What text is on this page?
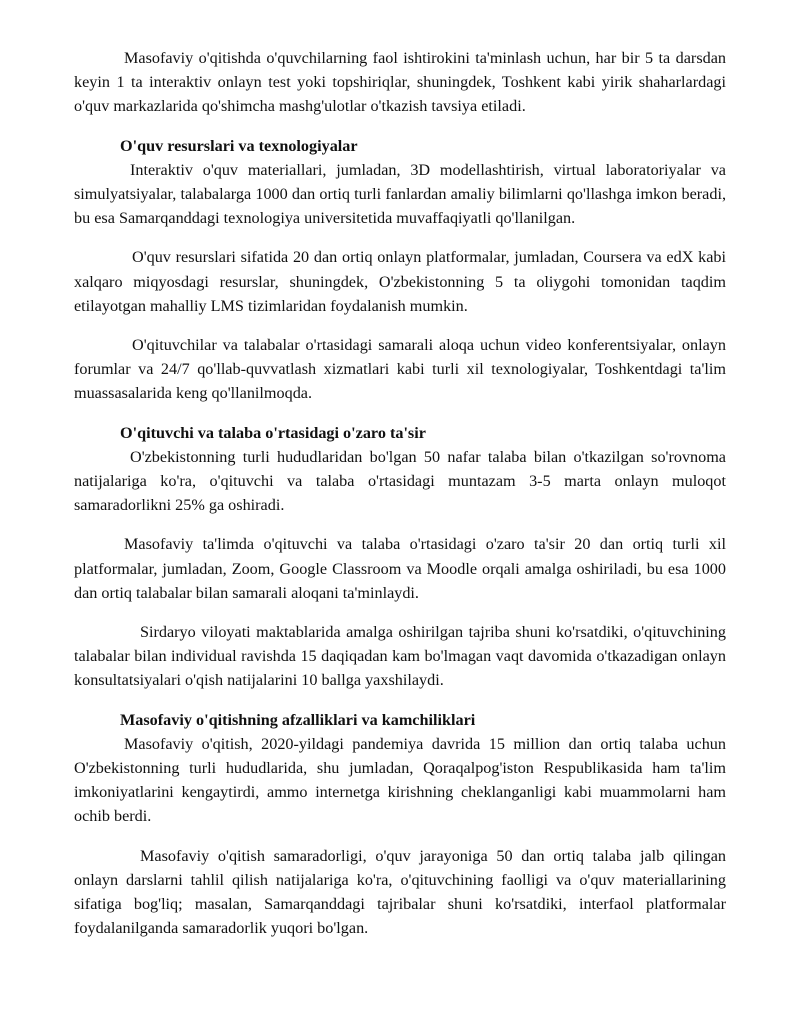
Masofaviy o'qitishda o'quvchilarning faol ishtirokini ta'minlash uchun, har bir 5 ta darsdan keyin 1 ta interaktiv onlayn test yoki topshiriqlar, shuningdek, Toshkent kabi yirik shaharlardagi o'quv markazlarida qo'shimcha mashg'ulotlar o'tkazish tavsiya etiladi.

O'quv resurslari va texnologiyalar

Interaktiv o'quv materiallari, jumladan, 3D modellashtirish, virtual laboratoriyalar va simulyatsiyalar, talabalarga 1000 dan ortiq turli fanlardan amaliy bilimlarni qo'llashga imkon beradi, bu esa Samarqanddagi texnologiya universitetida muvaffaqiyatli qo'llanilgan.

O'quv resurslari sifatida 20 dan ortiq onlayn platformalar, jumladan, Coursera va edX kabi xalqaro miqyosdagi resurslar, shuningdek, O'zbekistonning 5 ta oliygohi tomonidan taqdim etilayotgan mahalliy LMS tizimlaridan foydalanish mumkin.

O'qituvchilar va talabalar o'rtasidagi samarali aloqa uchun video konferentsiyalar, onlayn forumlar va 24/7 qo'llab-quvvatlash xizmatlari kabi turli xil texnologiyalar, Toshkentdagi ta'lim muassasalarida keng qo'llanilmoqda.

O'qituvchi va talaba o'rtasidagi o'zaro ta'sir

O'zbekistonning turli hududlaridan bo'lgan 50 nafar talaba bilan o'tkazilgan so'rovnoma natijalariga ko'ra, o'qituvchi va talaba o'rtasidagi muntazam 3-5 marta onlayn muloqot samaradorlikni 25% ga oshiradi.

Masofaviy ta'limda o'qituvchi va talaba o'rtasidagi o'zaro ta'sir 20 dan ortiq turli xil platformalar, jumladan, Zoom, Google Classroom va Moodle orqali amalga oshiriladi, bu esa 1000 dan ortiq talabalar bilan samarali aloqani ta'minlaydi.

Sirdaryo viloyati maktablarida amalga oshirilgan tajriba shuni ko'rsatdiki, o'qituvchining talabalar bilan individual ravishda 15 daqiqadan kam bo'lmagan vaqt davomida o'tkazadigan onlayn konsultatsiyalari o'qish natijalarini 10 ballga yaxshilaydi.

Masofaviy o'qitishning afzalliklari va kamchiliklari

Masofaviy o'qitish, 2020-yildagi pandemiya davrida 15 million dan ortiq talaba uchun O'zbekistonning turli hududlarida, shu jumladan, Qoraqalpog'iston Respublikasida ham ta'lim imkoniyatlarini kengaytirdi, ammo internetga kirishning cheklanganligi kabi muammolarni ham ochib berdi.

Masofaviy o'qitish samaradorligi, o'quv jarayoniga 50 dan ortiq talaba jalb qilingan onlayn darslarni tahlil qilish natijalariga ko'ra, o'qituvchining faolligi va o'quv materiallarining sifatiga bog'liq; masalan, Samarqanddagi tajribalar shuni ko'rsatdiki, interfaol platformalar foydalanilganda samaradorlik yuqori bo'lgan.
